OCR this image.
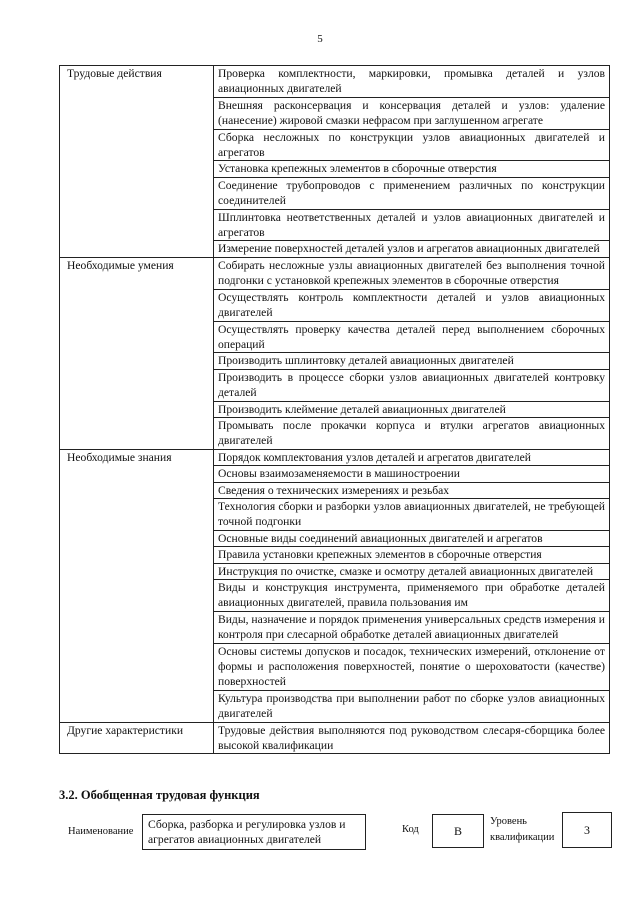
5
Трудовые действия	Проверка комплектности, маркировки, промывка деталей и узлов авиационных двигателей
	Внешняя расконсервация и консервация деталей и узлов: удаление (нанесение) жировой смазки нефрасом при заглушенном агрегате
	Сборка несложных по конструкции узлов авиационных двигателей и агрегатов
	Установка крепежных элементов в сборочные отверстия
	Соединение трубопроводов с применением различных по конструкции соединителей
	Шплинтовка неответственных деталей и узлов авиационных двигателей и агрегатов
	Измерение поверхностей деталей узлов и агрегатов авиационных двигателей
Необходимые умения	Собирать несложные узлы авиационных двигателей без выполнения точной подгонки с установкой крепежных элементов в сборочные отверстия
	Осуществлять контроль комплектности деталей и узлов авиационных двигателей
	Осуществлять проверку качества деталей перед выполнением сборочных операций
	Производить шплинтовку деталей авиационных двигателей
	Производить в процессе сборки узлов авиационных двигателей контровку деталей
	Производить клеймение деталей авиационных двигателей
	Промывать после прокачки корпуса и втулки агрегатов авиационных двигателей
Необходимые знания	Порядок комплектования узлов деталей и агрегатов двигателей
	Основы взаимозаменяемости в машиностроении
	Сведения о технических измерениях и резьбах
	Технология сборки и разборки узлов авиационных двигателей, не требующей точной подгонки
	Основные виды соединений авиационных двигателей и агрегатов
	Правила установки крепежных элементов в сборочные отверстия
	Инструкция по очистке, смазке и осмотру деталей авиационных двигателей
	Виды и конструкция инструмента, применяемого при обработке деталей авиационных двигателей, правила пользования им
	Виды, назначение и порядок применения универсальных средств измерения и контроля при слесарной обработке деталей авиационных двигателей
	Основы системы допусков и посадок, технических измерений, отклонение от формы и расположения поверхностей, понятие о шероховатости (качестве) поверхностей
	Культура производства при выполнении работ по сборке узлов авиационных двигателей
Другие характеристики	Трудовые действия выполняются под руководством слесаря-сборщика более высокой квалификации
3.2. Обобщенная трудовая функция
Наименование
Сборка, разборка и регулировка узлов и агрегатов авиационных двигателей
Код	B
Уровень квалификации
3
